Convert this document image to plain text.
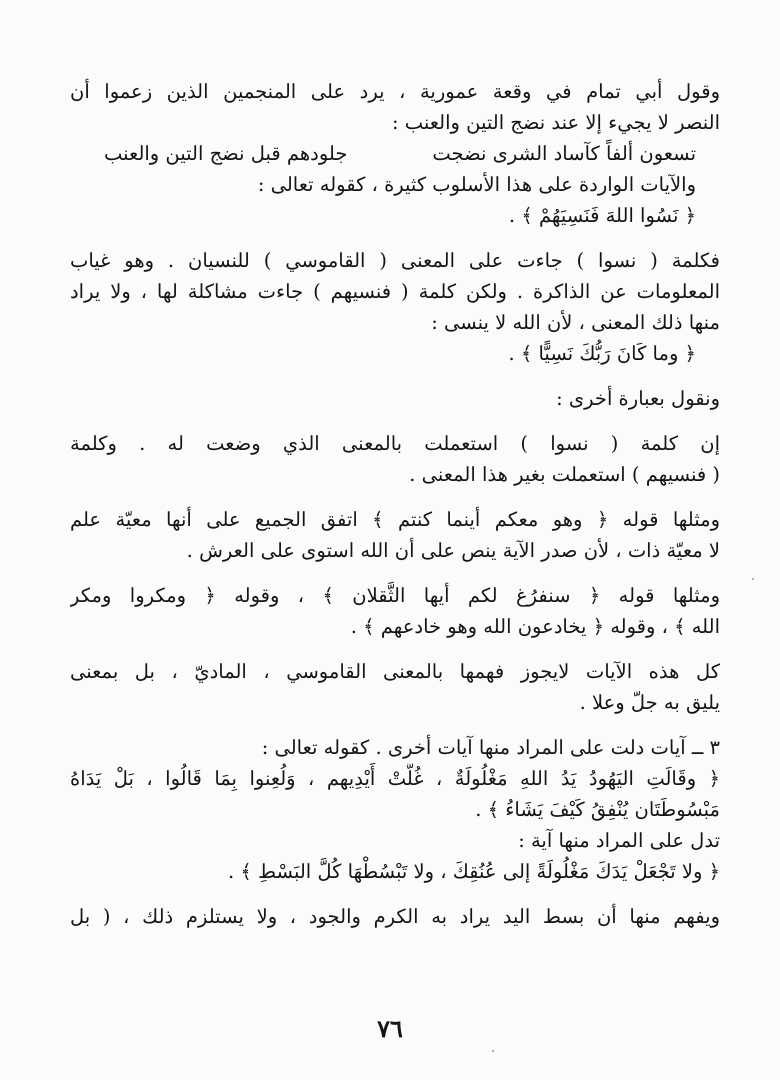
وقول أبي تمام في وقعة عمورية ، يرد على المنجمين الذين زعموا أن
النصر لا يجيء إلا عند نضج التين والعنب :
تسعون ألفاً كآساد الشرى نضجت
جلودهم قبل نضج التين والعنب
والآيات الواردة على هذا الأسلوب كثيرة ، كقوله تعالى :
﴿ نَسُوا اللهَ فَنَسِيَهُمْ ﴾ .
فكلمة ( نسوا ) جاءت على المعنى ( القاموسي ) للنسيان . وهو غياب
المعلومات عن الذاكرة . ولكن كلمة ( فنسيهم ) جاءت مشاكلة لها ، ولا يراد
منها ذلك المعنى ، لأن الله لا ينسى :
﴿ وما كَانَ رَبُّكَ نَسِيًّا ﴾ .
ونقول بعبارة أخرى :
إن كلمة ( نسوا ) استعملت بالمعنى الذي وضعت له . وكلمة
( فنسيهم ) استعملت بغير هذا المعنى .
ومثلها قوله ﴿ وهو معكم أينما كنتم ﴾ اتفق الجميع على أنها معيّة علم
لا معيّة ذات ، لأن صدر الآية ينص على أن الله استوى على العرش .
ومثلها قوله ﴿ سنفرُغ لكم أيها الثَّقلان ﴾ ، وقوله ﴿ ومكروا ومكر
الله ﴾ ، وقوله ﴿ يخادعون الله وهو خادعهم ﴾ .
كل هذه الآيات لايجوز فهمها بالمعنى القاموسي ، الماديّ ، بل بمعنى
يليق به جلّ وعلا .
٣ ــ آيات دلت على المراد منها آيات أخرى . كقوله تعالى :
﴿ وقَالَتِ اليَهُودُ يَدُ اللهِ مَغْلُولَةٌ ، غُلَّتْ أَيْدِيهم ، وَلُعِنوا بِمَا قَالُوا ، بَلْ يَدَاهُ
مَبْسُوطَتَان يُنْفِقُ كَيْفَ يَشَاءُ ﴾ .
تدل على المراد منها آية :
﴿ ولا تَجْعَلْ يَدَكَ مَغْلُولَةً إلى عُنُقِكَ ، ولا تَبْسُطْهَا كُلَّ البَسْطِ ﴾ .
ويفهم منها أن بسط اليد يراد به الكرم والجود ، ولا يستلزم ذلك ، ( بل
٧٦
